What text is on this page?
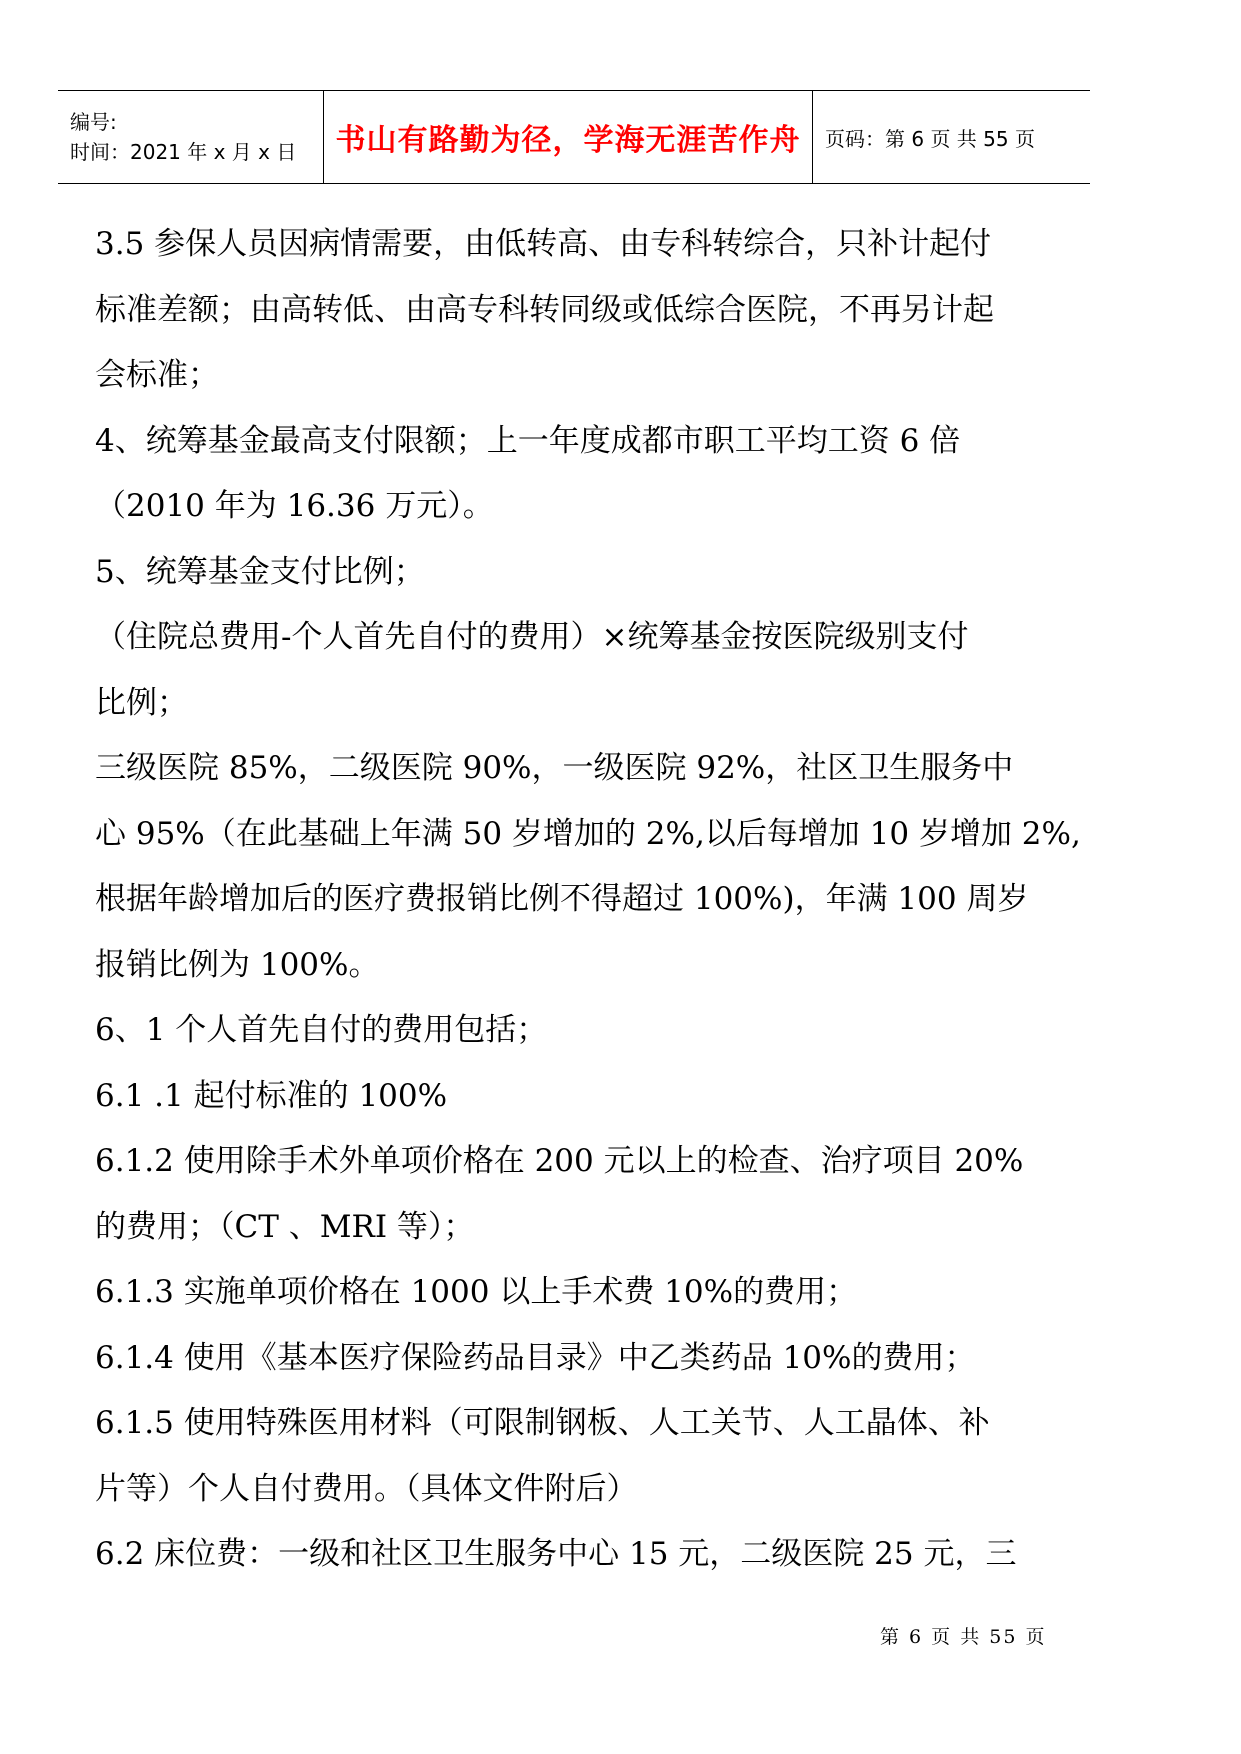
编号:
时间：2021 年 x 月 x 日	书山有路勤为径，学海无涯苦作舟 页码：第 6 页 共 55 页

3.5 参保人员因病情需要，由低转高、由专科转综合，只补计起付

标准差额；由高转低、由高专科转同级或低综合医院，不再另计起

会标准；

4、统筹基金最高支付限额；上一年度成都市职工平均工资 6 倍

（2010 年为 16.36 万元）。

5、统筹基金支付比例；

（住院总费用-个人首先自付的费用）×统筹基金按医院级别支付

比例；

三级医院 85%，二级医院 90%，一级医院 92%，社区卫生服务中

心 95%（在此基础上年满 50 岁增加的 2%,以后每增加 10 岁增加 2%,

根据年龄增加后的医疗费报销比例不得超过 100%)，年满 100 周岁

报销比例为 100%。

6、1 个人首先自付的费用包括；

6.1 .1 起付标准的 100%

6.1.2 使用除手术外单项价格在 200 元以上的检查、治疗项目 20%

的费用；（CT 、MRI 等）；

6.1.3 实施单项价格在 1000 以上手术费 10%的费用；

6.1.4 使用《基本医疗保险药品目录》中乙类药品 10%的费用；

6.1.5 使用特殊医用材料（可限制钢板、人工关节、人工晶体、补

片等）个人自付费用。（具体文件附后）

6.2 床位费：一级和社区卫生服务中心 15 元，二级医院 25 元，三

第 6 页 共 55 页
